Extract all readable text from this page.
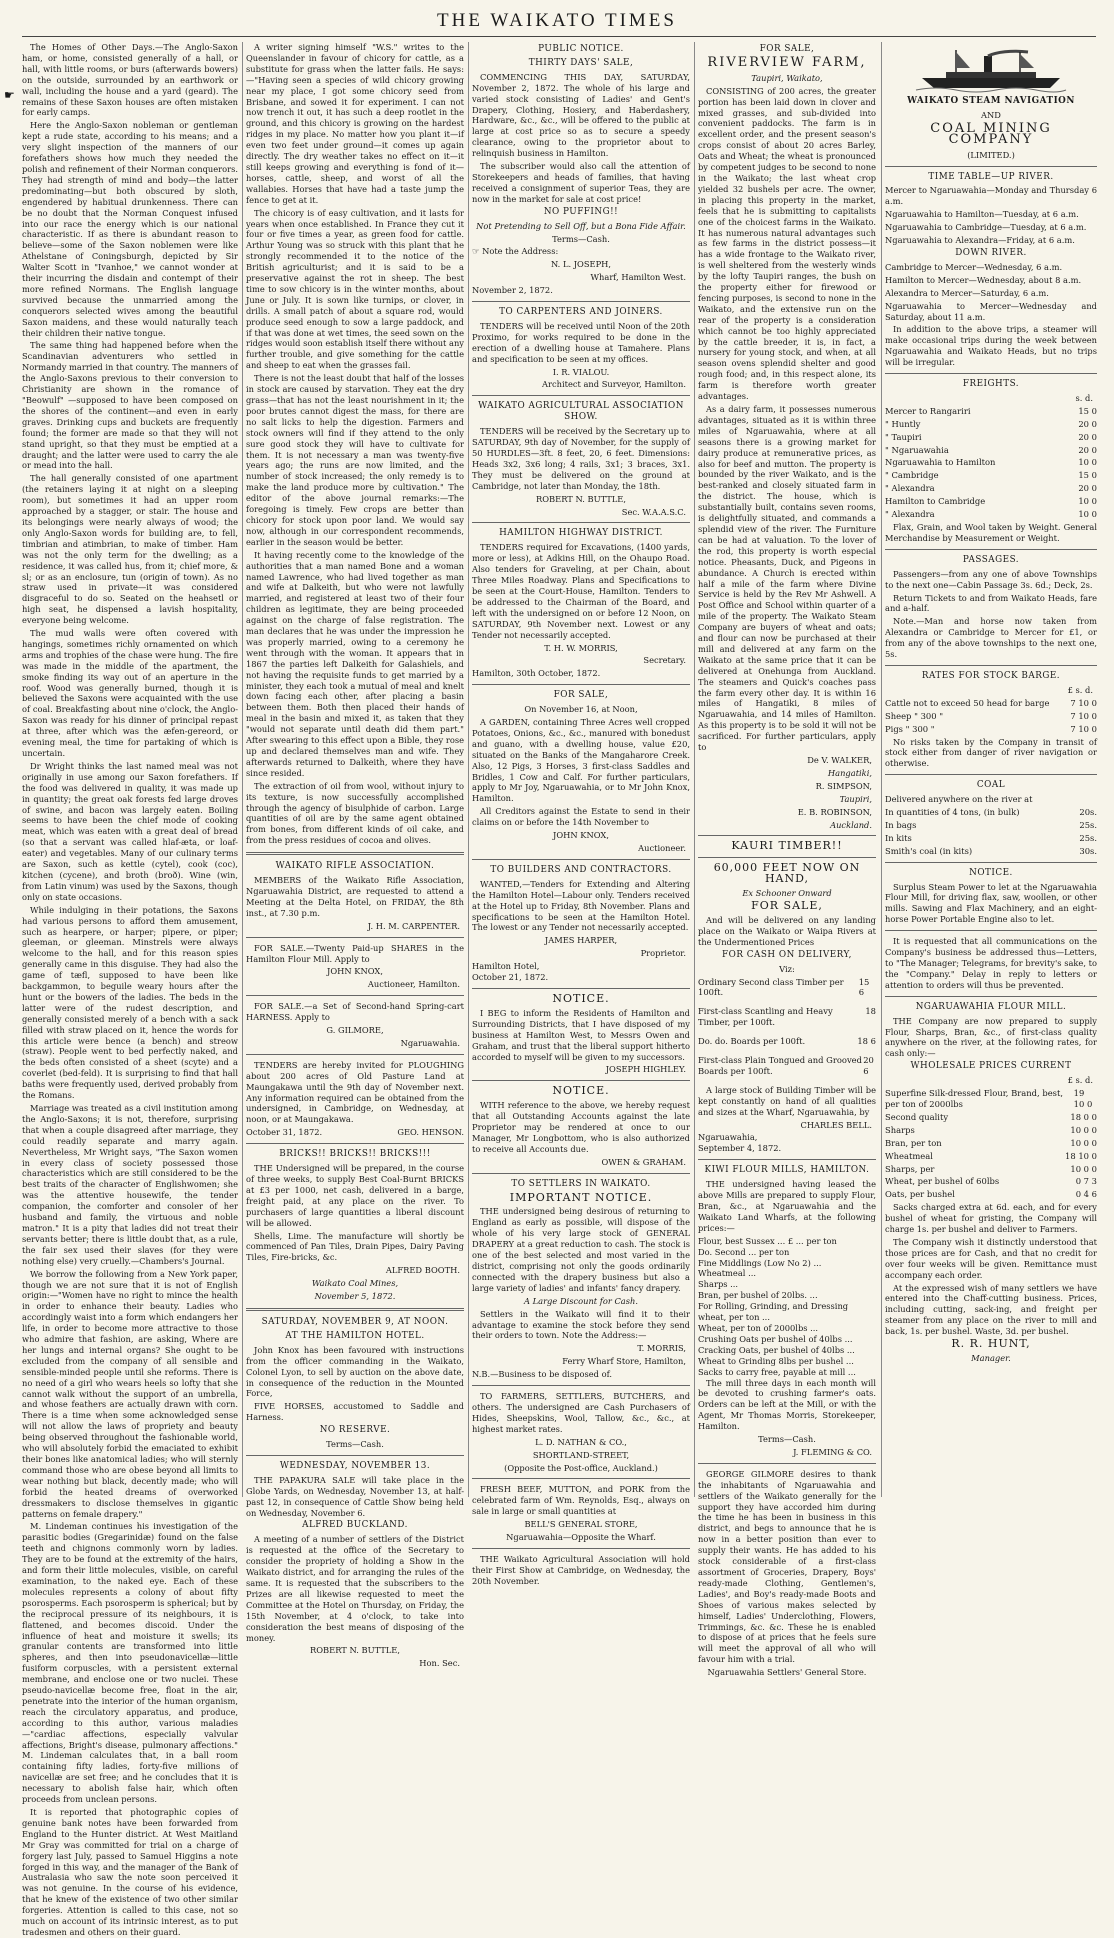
THE WAIKATO TIMES
☛

The Homes of Other Days.—The Anglo-Saxon ham, or home, consisted generally of a hall, or hall, with little rooms, or burs (afterwards bowers) on the outside, surrounded by an earthwork or wall, including the house and a yard (geard). The remains of these Saxon houses are often mistaken for early camps.

Here the Anglo-Saxon nobleman or gentleman kept a rude state, according to his means; and a very slight inspection of the manners of our forefathers shows how much they needed the polish and refinement of their Norman conquerors. They had strength of mind and body—the latter predominating—but both obscured by sloth, engendered by habitual drunkenness. There can be no doubt that the Norman Conquest infused into our race the energy which is our national characteristic. If as there is abundant reason to believe—some of the Saxon noblemen were like Athelstane of Coningsburgh, depicted by Sir Walter Scott in "Ivanhoe," we cannot wonder at their incurring the disdain and contempt of their more refined Normans. The English language survived because the unmarried among the conquerors selected wives among the beautiful Saxon maidens, and these would naturally teach their children their native tongue.

The same thing had happened before when the Scandinavian adventurers who settled in Normandy married in that country. The manners of the Anglo-Saxons previous to their conversion to Christianity are shown in the romance of "Beowulf" —supposed to have been composed on the shores of the continent—and even in early graves. Drinking cups and buckets are frequently found; the former are made so that they will not stand upright, so that they must be emptied at a draught; and the latter were used to carry the ale or mead into the hall.

The hall generally consisted of one apartment (the retainers laying it at night on a sleeping room), but sometimes it had an upper room approached by a stagger, or stair. The house and its belongings were nearly always of wood; the only Anglo-Saxon words for building are, to fell, timbrian and atimbrian, to make of timber. Ham was not the only term for the dwelling; as a residence, it was called hus, from it; chief more, & sl; or as an enclosure, tun (origin of town). As no straw used in private—it was considered disgraceful to do so. Seated on the heahsetl or high seat, he dispensed a lavish hospitality, everyone being welcome.

The mud walls were often covered with hangings, sometimes richly ornamented on which arms and trophies of the chase were hung. The fire was made in the middle of the apartment, the smoke finding its way out of an aperture in the roof. Wood was generally burned, though it is believed the Saxons were acquainted with the use of coal. Breakfasting about nine o'clock, the Anglo-Saxon was ready for his dinner of principal repast at three, after which was the æfen-gereord, or evening meal, the time for partaking of which is uncertain.

Dr Wright thinks the last named meal was not originally in use among our Saxon forefathers. If the food was delivered in quality, it was made up in quantity; the great oak forests fed large droves of swine, and bacon was largely eaten. Boiling seems to have been the chief mode of cooking meat, which was eaten with a great deal of bread (so that a servant was called hlaf-æta, or loaf-eater) and vegetables. Many of our culinary terms are Saxon, such as kettle (cytel), cook (coc), kitchen (cycene), and broth (broð). Wine (win, from Latin vinum) was used by the Saxons, though only on state occasions.

While indulging in their potations, the Saxons had various persons to afford them amusement, such as hearpere, or harper; pipere, or piper; gleeman, or gleeman. Minstrels were always welcome to the hall, and for this reason spies generally came in this disguise. They had also the game of tæfl, supposed to have been like backgammon, to beguile weary hours after the hunt or the bowers of the ladies. The beds in the latter were of the rudest description, and generally consisted merely of a bench with a sack filled with straw placed on it, hence the words for this article were bence (a bench) and streow (straw). People went to bed perfectly naked, and the beds often consisted of a sheet (scyte) and a coverlet (bed-feld). It is surprising to find that hall baths were frequently used, derived probably from the Romans.

Marriage was treated as a civil institution among the Anglo-Saxons; it is not, therefore, surprising that when a couple disagreed after marriage, they could readily separate and marry again. Nevertheless, Mr Wright says, "The Saxon women in every class of society possessed those characteristics which are still considered to be the best traits of the character of Englishwomen; she was the attentive housewife, the tender companion, the comforter and consoler of her husband and family, the virtuous and noble matron." It is a pity that ladies did not treat their servants better; there is little doubt that, as a rule, the fair sex used their slaves (for they were nothing else) very cruelly.—Chambers's Journal.

We borrow the following from a New York paper, though we are not sure that it is not of English origin:—"Women have no right to mince the health in order to enhance their beauty. Ladies who accordingly waist into a form which endangers her life, in order to become more attractive to those who admire that fashion, are asking, Where are her lungs and internal organs? She ought to be excluded from the company of all sensible and sensible-minded people until she reforms. There is no need of a girl who wears heels so lofty that she cannot walk without the support of an umbrella, and whose feathers are actually drawn with corn. There is a time when some acknowledged sense will not allow the laws of propriety and beauty being observed throughout the fashionable world, who will absolutely forbid the emaciated to exhibit their bones like anatomical ladies; who will sternly command those who are obese beyond all limits to wear nothing but black, decently made; who will forbid the heated dreams of overworked dressmakers to disclose themselves in gigantic patterns on female drapery."

M. Lindeman continues his investigation of the parasitic bodies (Gregarinidæ) found on the false teeth and chignons commonly worn by ladies. They are to be found at the extremity of the hairs, and form their little molecules, visible, on careful examination, to the naked eye. Each of these molecules represents a colony of about fifty psorosperms. Each psorosperm is spherical; but by the reciprocal pressure of its neighbours, it is flattened, and becomes discoid. Under the influence of heat and moisture it swells; its granular contents are transformed into little spheres, and then into pseudonavicellæ—little fusiform corpuscles, with a persistent external membrane, and enclose one or two nuclei. These pseudo-navicellæ become free, float in the air, penetrate into the interior of the human organism, reach the circulatory apparatus, and produce, according to this author, various maladies—"cardiac affections, especially valvular affections, Bright's disease, pulmonary affections." M. Lindeman calculates that, in a ball room containing fifty ladies, forty-five millions of navicellæ are set free; and he concludes that it is necessary to abolish false hair, which often proceeds from unclean persons.

It is reported that photographic copies of genuine bank notes have been forwarded from England to the Hunter district. At West Maitland Mr Gray was committed for trial on a charge of forgery last July, passed to Samuel Higgins a note forged in this way, and the manager of the Bank of Australasia who saw the note soon perceived it was not genuine. In the course of his evidence, that he knew of the existence of two other similar forgeries. Attention is called to this case, not so much on account of its intrinsic interest, as to put tradesmen and others on their guard.

A writer signing himself "W.S." writes to the Queenslander in favour of chicory for cattle, as a substitute for grass when the latter fails. He says:—"Having seen a species of wild chicory growing near my place, I got some chicory seed from Brisbane, and sowed it for experiment. I can not now trench it out, it has such a deep rootlet in the ground, and this chicory is growing on the hardest ridges in my place. No matter how you plant it—if even two feet under ground—it comes up again directly. The dry weather takes no effect on it—it still keeps growing and everything is fond of it—horses, cattle, sheep, and worst of all the wallabies. Horses that have had a taste jump the fence to get at it.

The chicory is of easy cultivation, and it lasts for years when once established. In France they cut it four or five times a year, as green food for cattle. Arthur Young was so struck with this plant that he strongly recommended it to the notice of the British agriculturist; and it is said to be a preservative against the rot in sheep. The best time to sow chicory is in the winter months, about June or July. It is sown like turnips, or clover, in drills. A small patch of about a square rod, would produce seed enough to sow a large paddock, and if that was done at wet times, the seed sown on the ridges would soon establish itself there without any further trouble, and give something for the cattle and sheep to eat when the grasses fail.

There is not the least doubt that half of the losses in stock are caused by starvation. They eat the dry grass—that has not the least nourishment in it; the poor brutes cannot digest the mass, for there are no salt licks to help the digestion. Farmers and stock owners will find if they attend to the only sure good stock they will have to cultivate for them. It is not necessary a man was twenty-five years ago; the runs are now limited, and the number of stock increased; the only remedy is to make the land produce more by cultivation." The editor of the above journal remarks:—The foregoing is timely. Few crops are better than chicory for stock upon poor land. We would say now, although in our correspondent recommends, earlier in the season would be better.

It having recently come to the knowledge of the authorities that a man named Bone and a woman named Lawrence, who had lived together as man and wife at Dalkeith, but who were not lawfully married, and registered at least two of their four children as legitimate, they are being proceeded against on the charge of false registration. The man declares that he was under the impression he was properly married, owing to a ceremony he went through with the woman. It appears that in 1867 the parties left Dalkeith for Galashiels, and not having the requisite funds to get married by a minister, they each took a mutual of meal and knelt down facing each other, after placing a basin between them. Both then placed their hands of meal in the basin and mixed it, as taken that they "would not separate until death did them part." After swearing to this effect upon a Bible, they rose up and declared themselves man and wife. They afterwards returned to Dalkeith, where they have since resided.

The extraction of oil from wool, without injury to its texture, is now successfully accomplished through the agency of bisulphide of carbon. Large quantities of oil are by the same agent obtained from bones, from different kinds of oil cake, and from the press residues of cocoa and olives.

WAIKATO RIFLE ASSOCIATION.

MEMBERS of the Waikato Rifle Association, Ngaruawahia District, are requested to attend a Meeting at the Delta Hotel, on FRIDAY, the 8th inst., at 7.30 p.m.

J. H. M. CARPENTER.

FOR SALE.—Twenty Paid-up SHARES in the Hamilton Flour Mill. Apply to

JOHN KNOX,
Auctioneer, Hamilton.

FOR SALE.—a Set of Second-hand Spring-cart HARNESS. Apply to

G. GILMORE,
Ngaruawahia.

TENDERS are hereby invited for PLOUGHING about 200 acres of Old Pasture Land at Maungakawa until the 9th day of November next. Any information required can be obtained from the undersigned, in Cambridge, on Wednesday, at noon, or at Maungakawa.

October 31, 1872.	GEO. HENSON.
BRICKS!! BRICKS!! BRICKS!!!

THE Undersigned will be prepared, in the course of three weeks, to supply Best Coal-Burnt BRICKS at £3 per 1000, net cash, delivered in a barge, freight paid, at any place on the river. To purchasers of large quantities a liberal discount will be allowed.

Shells, Lime. The manufacture will shortly be commenced of Pan Tiles, Drain Pipes, Dairy Paving Tiles, Fire-bricks, &c.

ALFRED BOOTH.
Waikato Coal Mines,
November 5, 1872.
SATURDAY, NOVEMBER 9, AT NOON.
AT THE HAMILTON HOTEL.

John Knox has been favoured with instructions from the officer commanding in the Waikato, Colonel Lyon, to sell by auction on the above date, in consequence of the reduction in the Mounted Force,

FIVE HORSES, accustomed to Saddle and Harness.

NO RESERVE.
Terms—Cash.
WEDNESDAY, NOVEMBER 13.

THE PAPAKURA SALE will take place in the Globe Yards, on Wednesday, November 13, at half-past 12, in consequence of Cattle Show being held on Wednesday, November 6.

ALFRED BUCKLAND.

A meeting of a number of settlers of the District is requested at the office of the Secretary to consider the propriety of holding a Show in the Waikato district, and for arranging the rules of the same. It is requested that the subscribers to the Prizes are all likewise requested to meet the Committee at the Hotel on Thursday, on Friday, the 15th November, at 4 o'clock, to take into consideration the best means of disposing of the money.

ROBERT N. BUTTLE,
Hon. Sec.
PUBLIC NOTICE.
THIRTY DAYS' SALE,

COMMENCING THIS DAY, SATURDAY, November 2, 1872. The whole of his large and varied stock consisting of Ladies' and Gent's Drapery, Clothing, Hosiery, and Haberdashery, Hardware, &c., &c., will be offered to the public at large at cost price so as to secure a speedy clearance, owing to the proprietor about to relinquish business in Hamilton.

The subscriber would also call the attention of Storekeepers and heads of families, that having received a consignment of superior Teas, they are now in the market for sale at cost price!

NO PUFFING!!
Not Pretending to Sell Off, but a Bona Fide Affair.
Terms—Cash.

☞ Note the Address:

N. L. JOSEPH,
Wharf, Hamilton West.
November 2, 1872.
TO CARPENTERS AND JOINERS.

TENDERS will be received until Noon of the 20th Proximo, for works required to be done in the erection of a dwelling house at Tamahere. Plans and specification to be seen at my offices.

I. R. VIALOU.
Architect and Surveyor, Hamilton.
WAIKATO AGRICULTURAL ASSOCIATION SHOW.

TENDERS will be received by the Secretary up to SATURDAY, 9th day of November, for the supply of 50 HURDLES—3ft. 8 feet, 20, 6 feet. Dimensions: Heads 3x2, 3x6 long; 4 rails, 3x1; 3 braces, 3x1. They must be delivered on the ground at Cambridge, not later than Monday, the 18th.

ROBERT N. BUTTLE,
Sec. W.A.A.S.C.
HAMILTON HIGHWAY DISTRICT.

TENDERS required for Excavations, (1400 yards, more or less), at Adkins Hill, on the Ohaupo Road. Also tenders for Graveling, at per Chain, about Three Miles Roadway. Plans and Specifications to be seen at the Court-House, Hamilton. Tenders to be addressed to the Chairman of the Board, and left with the undersigned on or before 12 Noon, on SATURDAY, 9th November next. Lowest or any Tender not necessarily accepted.

T. H. W. MORRIS,
Secretary.
Hamilton, 30th October, 1872.
FOR SALE,
On November 16, at Noon,

A GARDEN, containing Three Acres well cropped Potatoes, Onions, &c., &c., manured with bonedust and guano, with a dwelling house, value £20, situated on the Banks of the Mangaharore Creek. Also, 12 Pigs, 3 Horses, 3 first-class Saddles and Bridles, 1 Cow and Calf. For further particulars, apply to Mr Joy, Ngaruawahia, or to Mr John Knox, Hamilton.

All Creditors against the Estate to send in their claims on or before the 14th November to

JOHN KNOX,
Auctioneer.
TO BUILDERS AND CONTRACTORS.

WANTED,—Tenders for Extending and Altering the Hamilton Hotel—Labour only. Tenders received at the Hotel up to Friday, 8th November. Plans and specifications to be seen at the Hamilton Hotel. The lowest or any Tender not necessarily accepted.

JAMES HARPER,
Proprietor.
Hamilton Hotel,
October 21, 1872.
NOTICE.

I BEG to inform the Residents of Hamilton and Surrounding Districts, that I have disposed of my business at Hamilton West, to Messrs Owen and Graham, and trust that the liberal support hitherto accorded to myself will be given to my successors.

JOSEPH HIGHLEY.
NOTICE.

WITH reference to the above, we hereby request that all Outstanding Accounts against the late Proprietor may be rendered at once to our Manager, Mr Longbottom, who is also authorized to receive all Accounts due.

OWEN & GRAHAM.
TO SETTLERS IN WAIKATO.
IMPORTANT NOTICE.

THE undersigned being desirous of returning to England as early as possible, will dispose of the whole of his very large stock of GENERAL DRAPERY at a great reduction to cash. The stock is one of the best selected and most varied in the district, comprising not only the goods ordinarily connected with the drapery business but also a large variety of ladies' and infants' fancy drapery.

A Large Discount for Cash.

Settlers in the Waikato will find it to their advantage to examine the stock before they send their orders to town. Note the Address:—

T. MORRIS,
Ferry Wharf Store, Hamilton,
N.B.—Business to be disposed of.

TO FARMERS, SETTLERS, BUTCHERS, and others. The undersigned are Cash Purchasers of Hides, Sheepskins, Wool, Tallow, &c., &c., at highest market rates.

L. D. NATHAN & CO.,
SHORTLAND-STREET,
(Opposite the Post-office, Auckland.)

FRESH BEEF, MUTTON, and PORK from the celebrated farm of Wm. Reynolds, Esq., always on sale in large or small quantities at

BELL'S GENERAL STORE,
Ngaruawahia—Opposite the Wharf.

THE Waikato Agricultural Association will hold their First Show at Cambridge, on Wednesday, the 20th November.

FOR SALE,
RIVERVIEW FARM,
Taupiri, Waikato,

CONSISTING of 200 acres, the greater portion has been laid down in clover and mixed grasses, and sub-divided into convenient paddocks. The farm is in excellent order, and the present season's crops consist of about 20 acres Barley, Oats and Wheat; the wheat is pronounced by competent judges to be second to none in the Waikato; the last wheat crop yielded 32 bushels per acre. The owner, in placing this property in the market, feels that he is submitting to capitalists one of the choicest farms in the Waikato. It has numerous natural advantages such as few farms in the district possess—it has a wide frontage to the Waikato river, is well sheltered from the westerly winds by the lofty Taupiri ranges, the bush on the property either for firewood or fencing purposes, is second to none in the Waikato, and the extensive run on the rear of the property is a consideration which cannot be too highly appreciated by the cattle breeder, it is, in fact, a nursery for young stock, and when, at all season ovens splendid shelter and good rough food; and, in this respect alone, its farm is therefore worth greater advantages.

As a dairy farm, it possesses numerous advantages, situated as it is within three miles of Ngaruawahia, where at all seasons there is a growing market for dairy produce at remunerative prices, as also for beef and mutton. The property is bounded by the river Waikato, and is the best-ranked and closely situated farm in the district. The house, which is substantially built, contains seven rooms, is delightfully situated, and commands a splendid view of the river. The Furniture can be had at valuation. To the lover of the rod, this property is worth especial notice. Pheasants, Duck, and Pigeons in abundance. A Church is erected within half a mile of the farm where Divine Service is held by the Rev Mr Ashwell. A Post Office and School within quarter of a mile of the property. The Waikato Steam Company are buyers of wheat and oats; and flour can now be purchased at their mill and delivered at any farm on the Waikato at the same price that it can be delivered at Onehunga from Auckland. The steamers and Quick's coaches pass the farm every other day. It is within 16 miles of Hangatiki, 8 miles of Ngaruawahia, and 14 miles of Hamilton. As this property is to be sold it will not be sacrificed. For further particulars, apply to

De V. WALKER,
Hangatiki,
R. SIMPSON,
Taupiri,
E. B. ROBINSON,
Auckland.
KAURI TIMBER!!
60,000 FEET NOW ON HAND,
Ex Schooner Onward
FOR SALE,

And will be delivered on any landing place on the Waikato or Waipa Rivers at the Undermentioned Prices

FOR CASH ON DELIVERY,
Viz:
Ordinary Second class Timber per 100ft.
15 6
First-class Scantling and Heavy Timber, per 100ft.
18
Do. do. Boards per 100ft.	18 6
First-class Plain Tongued and Grooved Boards per 100ft.
20 6

A large stock of Building Timber will be kept constantly on hand of all qualities and sizes at the Wharf, Ngaruawahia, by

CHARLES BELL.
Ngaruawahia,
September 4, 1872.
KIWI FLOUR MILLS, HAMILTON.

THE undersigned having leased the above Mills are prepared to supply Flour, Bran, &c., at Ngaruawahia and the Waikato Land Wharfs, at the following prices:—

Flour, best Sussex ... £ ... per ton
Do. Second ... per ton
Fine Middlings (Low No 2) ...
Wheatmeal ...
Sharps ...
Bran, per bushel of 20lbs. ...
For Rolling, Grinding, and Dressing wheat, per ton ...
Wheat, per ton of 2000lbs ...
Crushing Oats per bushel of 40lbs ...
Cracking Oats, per bushel of 40lbs ...
Wheat to Grinding 8lbs per bushel ...
Sacks to carry free, payable at mill ...

The mill three days in each month will be devoted to crushing farmer's oats. Orders can be left at the Mill, or with the Agent, Mr Thomas Morris, Storekeeper, Hamilton.

Terms—Cash.
J. FLEMING & CO.

GEORGE GILMORE desires to thank the inhabitants of Ngaruawahia and settlers of the Waikato generally for the support they have accorded him during the time he has been in business in this district, and begs to announce that he is now in a better position than ever to supply their wants. He has added to his stock considerable of a first-class assortment of Groceries, Drapery, Boys' ready-made Clothing, Gentlemen's, Ladies', and Boy's ready-made Boots and Shoes of various makes selected by himself, Ladies' Underclothing, Flowers, Trimmings, &c. &c. These he is enabled to dispose of at prices that he feels sure will meet the approval of all who will favour him with a trial.

Ngaruawahia Settlers' General Store.
WAIKATO STEAM NAVIGATION
AND
COAL MINING COMPANY
(LIMITED.)
TIME TABLE—UP RIVER.

Mercer to Ngaruawahia—Monday and Thursday 6 a.m.

Ngaruawahia to Hamilton—Tuesday, at 6 a.m.

Ngaruawahia to Cambridge—Tuesday, at 6 a.m.

Ngaruawahia to Alexandra—Friday, at 6 a.m.

DOWN RIVER.

Cambridge to Mercer—Wednesday, 6 a.m.

Hamilton to Mercer—Wednesday, about 8 a.m.

Alexandra to Mercer—Saturday, 6 a.m.

Ngaruawahia to Mercer—Wednesday and Saturday, about 11 a.m.

In addition to the above trips, a steamer will make occasional trips during the week between Ngaruawahia and Waikato Heads, but no trips will be irregular.

FREIGHTS.
s. d.
Mercer to Rangariri	15 0
" Huntly	20 0
" Taupiri	20 0
" Ngaruawahia	20 0
Ngaruawahia to Hamilton	10 0
" Cambridge	15 0
" Alexandra	20 0
Hamilton to Cambridge	10 0
" Alexandra	10 0

Flax, Grain, and Wool taken by Weight. General Merchandise by Measurement or Weight.

PASSAGES.

Passengers—from any one of above Townships to the next one—Cabin Passage 3s. 6d.; Deck, 2s.

Return Tickets to and from Waikato Heads, fare and a-half.

Note.—Man and horse now taken from Alexandra or Cambridge to Mercer for £1, or from any of the above townships to the next one, 5s.

RATES FOR STOCK BARGE.
£ s. d.
Cattle not to exceed 50 head for barge 7 10 0
Sheep " 300 "	7 10 0
Pigs " 300 "	7 10 0

No risks taken by the Company in transit of stock either from danger of river navigation or otherwise.

COAL

Delivered anywhere on the river at

In quantities of 4 tons, (in bulk)	20s.
In bags	25s.
In kits	25s.
Smith's coal (in kits)	30s.
NOTICE.

Surplus Steam Power to let at the Ngaruawahia Flour Mill, for driving flax, saw, woollen, or other mills. Sawing and Flax Machinery, and an eight-horse Power Portable Engine also to let.

It is requested that all communications on the Company's business be addressed thus—Letters, to "The Manager; Telegrams, for brevity's sake, to the "Company." Delay in reply to letters or attention to orders will thus be prevented.

NGARUAWAHIA FLOUR MILL.

THE Company are now prepared to supply Flour, Sharps, Bran, &c., of first-class quality anywhere on the river, at the following rates, for cash only:—

WHOLESALE PRICES CURRENT
£ s. d.
Superfine Silk-dressed Flour, Brand, best, per ton of 2000lbs
19 10 0
Second quality	18 0 0
Sharps	10 0 0
Bran, per ton	10 0 0
Wheatmeal	18 10 0
Sharps, per	10 0 0
Wheat, per bushel of 60lbs	0 7 3
Oats, per bushel	0 4 6

Sacks charged extra at 6d. each, and for every bushel of wheat for gristing, the Company will charge 1s. per bushel and deliver to Farmers.

The Company wish it distinctly understood that those prices are for Cash, and that no credit for over four weeks will be given. Remittance must accompany each order.

At the expressed wish of many settlers we have entered into the Chaff-cutting business. Prices, including cutting, sack-ing, and freight per steamer from any place on the river to mill and back, 1s. per bushel. Waste, 3d. per bushel.

R. R. HUNT,
Manager.
